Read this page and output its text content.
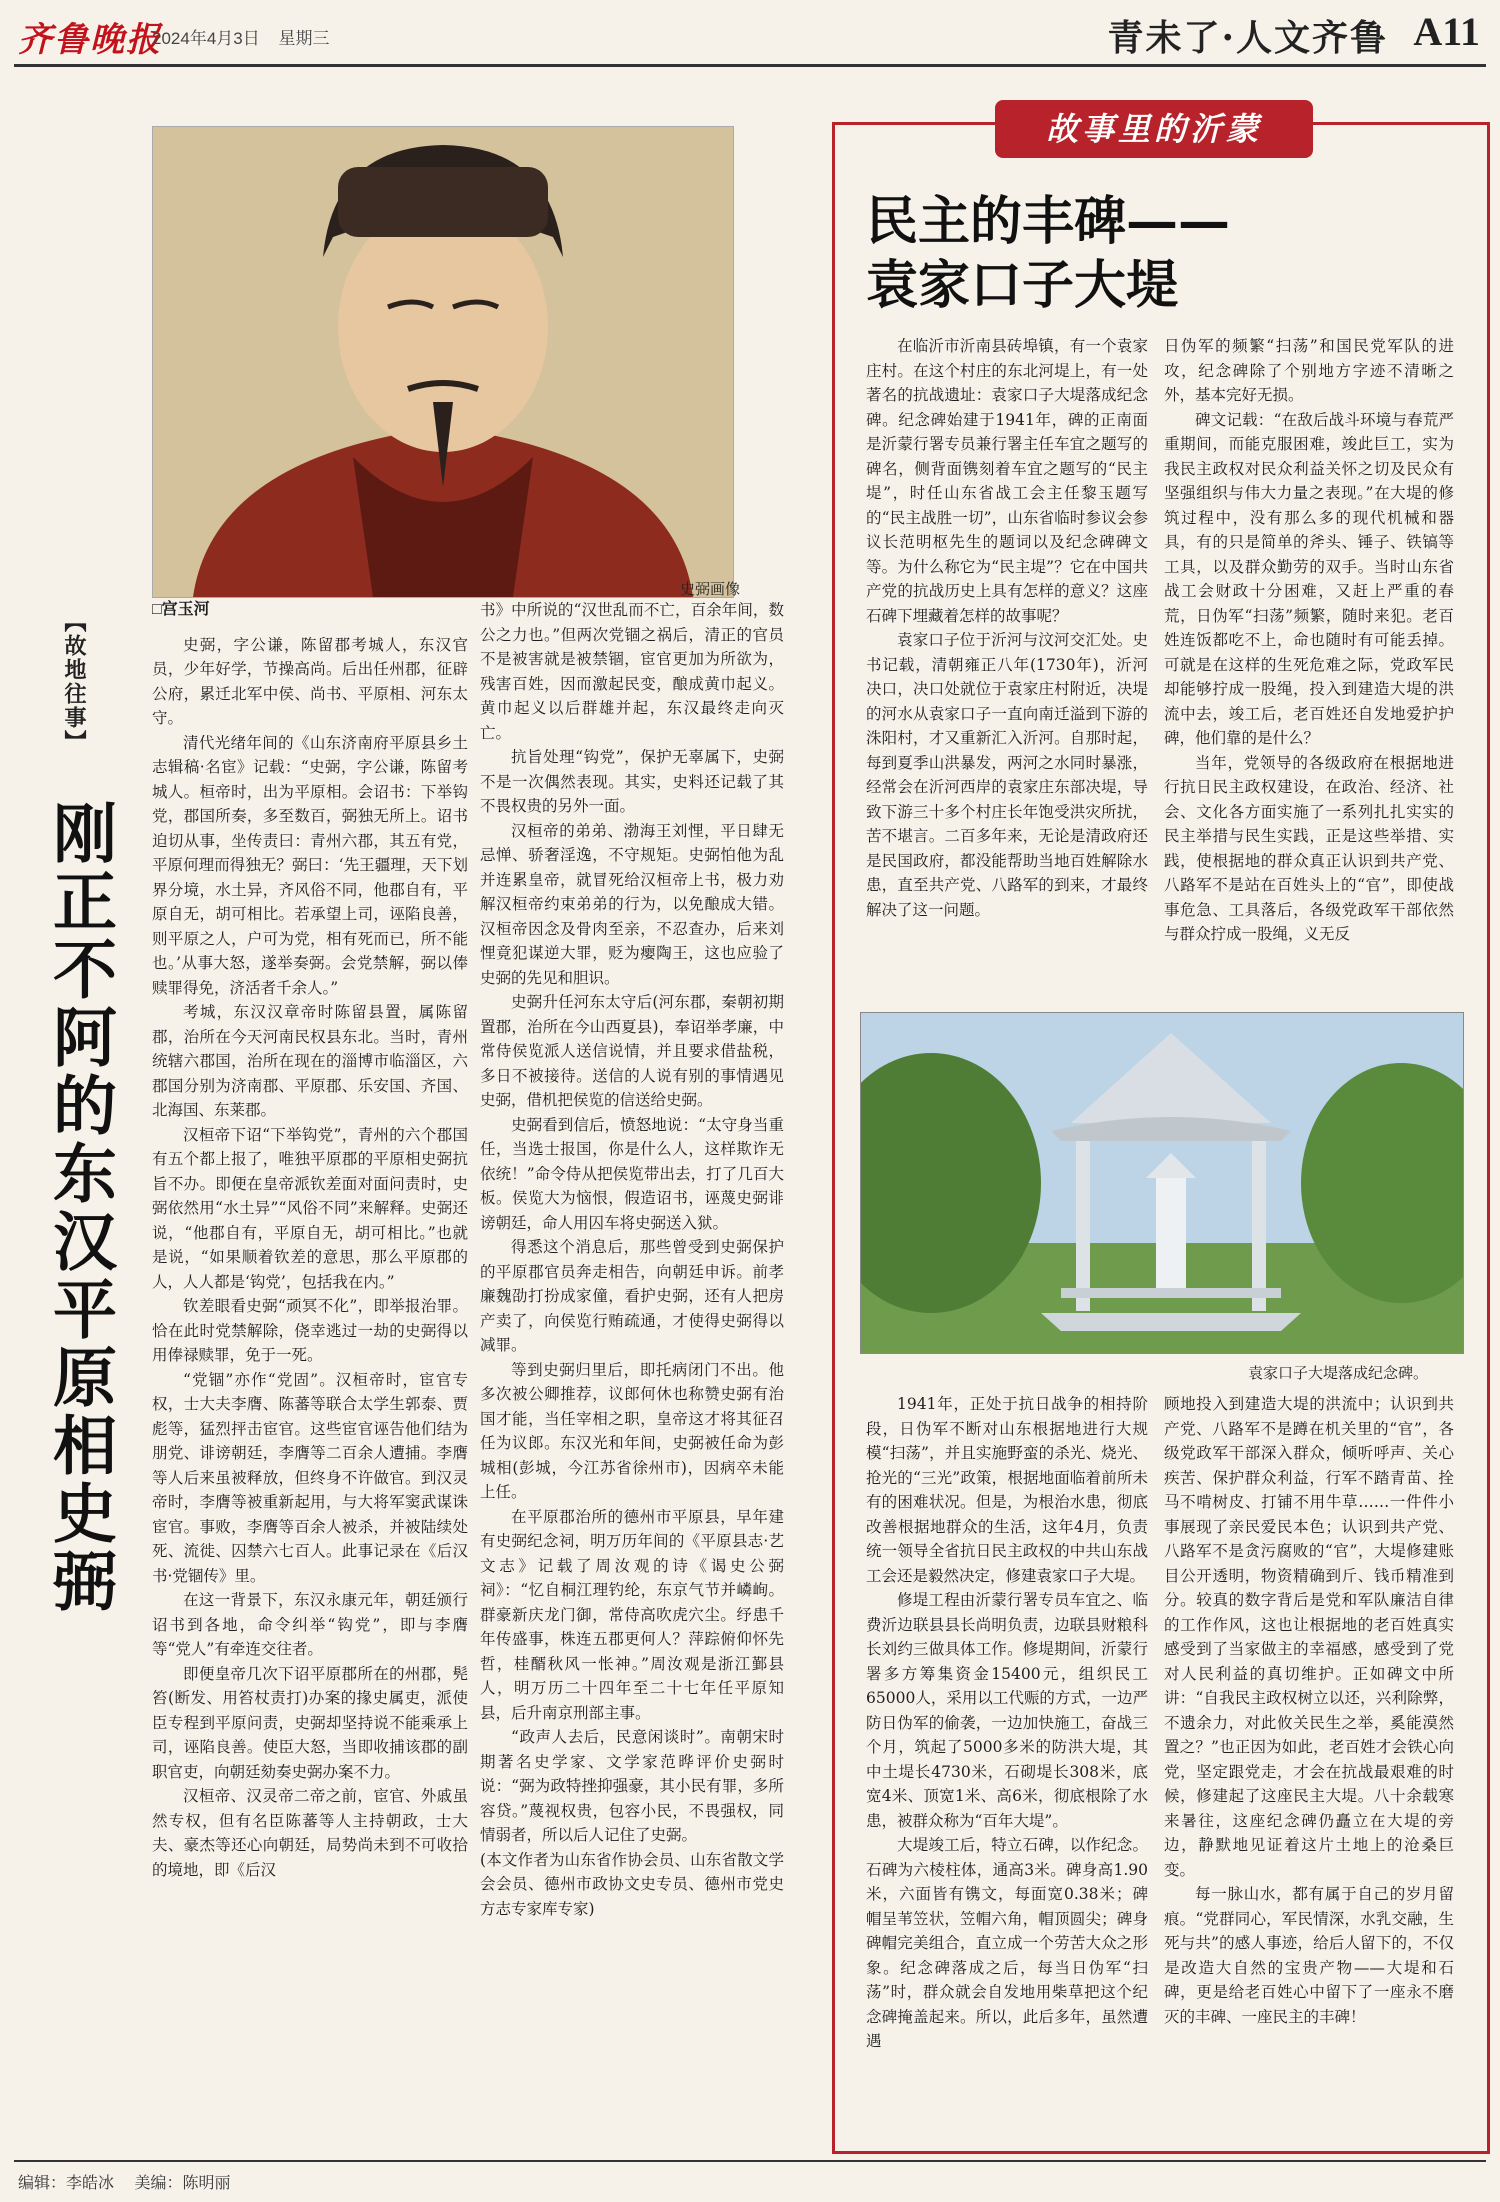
齐鲁晚报
2024年4月3日 星期三	青未了·人文齐鲁 A11
史弼画像
【故地往事】
刚正不阿的东汉平原相史弼
□宫玉河

史弼，字公谦，陈留郡考城人，东汉官员，少年好学，节操高尚。后出任州郡，征辟公府，累迁北军中侯、尚书、平原相、河东太守。

清代光绪年间的《山东济南府平原县乡土志辑稿·名宦》记载：“史弼，字公谦，陈留考城人。桓帝时，出为平原相。会诏书：下举钩党，郡国所奏，多至数百，弼独无所上。诏书迫切从事，坐传责曰：青州六郡，其五有党，平原何理而得独无？弼曰：‘先王疆理，天下划界分境，水土异，齐风俗不同，他郡自有，平原自无，胡可相比。若承望上司，诬陷良善，则平原之人，户可为党，相有死而已，所不能也。’从事大怒，遂举奏弼。会党禁解，弼以俸赎罪得免，济活者千余人。”

考城，东汉汉章帝时陈留县置，属陈留郡，治所在今天河南民权县东北。当时，青州统辖六郡国，治所在现在的淄博市临淄区，六郡国分别为济南郡、平原郡、乐安国、齐国、北海国、东莱郡。

汉桓帝下诏“下举钩党”，青州的六个郡国有五个都上报了，唯独平原郡的平原相史弼抗旨不办。即便在皇帝派钦差面对面问责时，史弼依然用“水土异”“风俗不同”来解释。史弼还说，“他郡自有，平原自无，胡可相比。”也就是说，“如果顺着钦差的意思，那么平原郡的人，人人都是‘钩党’，包括我在内。”

钦差眼看史弼“顽冥不化”，即举报治罪。恰在此时党禁解除，侥幸逃过一劫的史弼得以用俸禄赎罪，免于一死。

“党锢”亦作“党固”。汉桓帝时，宦官专权，士大夫李膺、陈蕃等联合太学生郭泰、贾彪等，猛烈抨击宦官。这些宦官诬告他们结为朋党、诽谤朝廷，李膺等二百余人遭捕。李膺等人后来虽被释放，但终身不许做官。到汉灵帝时，李膺等被重新起用，与大将军窦武谋诛宦官。事败，李膺等百余人被杀，并被陆续处死、流徙、囚禁六七百人。此事记录在《后汉书·党锢传》里。

在这一背景下，东汉永康元年，朝廷颁行诏书到各地，命令纠举“钩党”，即与李膺等“党人”有牵连交往者。

即便皇帝几次下诏平原郡所在的州郡，髡笞(断发、用笞杖责打)办案的掾史属吏，派使臣专程到平原问责，史弼却坚持说不能乘承上司，诬陷良善。使臣大怒，当即收捕该郡的副职官吏，向朝廷劾奏史弼办案不力。

汉桓帝、汉灵帝二帝之前，宦官、外戚虽然专权，但有名臣陈蕃等人主持朝政，士大夫、豪杰等还心向朝廷，局势尚未到不可收拾的境地，即《后汉

书》中所说的“汉世乱而不亡，百余年间，数公之力也。”但两次党锢之祸后，清正的官员不是被害就是被禁锢，宦官更加为所欲为，残害百姓，因而激起民变，酿成黄巾起义。黄巾起义以后群雄并起，东汉最终走向灭亡。

抗旨处理“钩党”，保护无辜属下，史弼不是一次偶然表现。其实，史料还记载了其不畏权贵的另外一面。

汉桓帝的弟弟、渤海王刘悝，平日肆无忌惮、骄奢淫逸，不守规矩。史弼怕他为乱并连累皇帝，就冒死给汉桓帝上书，极力劝解汉桓帝约束弟弟的行为，以免酿成大错。汉桓帝因念及骨肉至亲，不忍查办，后来刘悝竟犯谋逆大罪，贬为瘿陶王，这也应验了史弼的先见和胆识。

史弼升任河东太守后(河东郡，秦朝初期置郡，治所在今山西夏县)，奉诏举孝廉，中常侍侯览派人送信说情，并且要求借盐税，多日不被接待。送信的人说有别的事情遇见史弼，借机把侯览的信送给史弼。

史弼看到信后，愤怒地说：“太守身当重任，当选士报国，你是什么人，这样欺诈无依统！”命令侍从把侯览带出去，打了几百大板。侯览大为恼恨，假造诏书，诬蔑史弼诽谤朝廷，命人用囚车将史弼送入狱。

得悉这个消息后，那些曾受到史弼保护的平原郡官员奔走相告，向朝廷申诉。前孝廉魏劭打扮成家僮，看护史弼，还有人把房产卖了，向侯览行贿疏通，才使得史弼得以减罪。

等到史弼归里后，即托病闭门不出。他多次被公卿推荐，议郎何休也称赞史弼有治国才能，当任宰相之职，皇帝这才将其征召任为议郎。东汉光和年间，史弼被任命为彭城相(彭城，今江苏省徐州市)，因病卒未能上任。

在平原郡治所的德州市平原县，早年建有史弼纪念祠，明万历年间的《平原县志·艺文志》记载了周汝观的诗《谒史公弼祠》：“忆自桐江理钓纶，东京气节并嶙峋。群豪新庆龙门御，常侍高吹虎穴尘。纾患千年传盛事，株连五郡更何人？萍踪俯仰怀先哲，桂醑秋风一怅神。”周汝观是浙江鄞县人，明万历二十四年至二十七年任平原知县，后升南京刑部主事。

“政声人去后，民意闲谈时”。南朝宋时期著名史学家、文学家范晔评价史弼时说：“弼为政特挫抑强豪，其小民有罪，多所容贷。”蔑视权贵，包容小民，不畏强权，同情弱者，所以后人记住了史弼。

(本文作者为山东省作协会员、山东省散文学会会员、德州市政协文史专员、德州市党史方志专家库专家)

故事里的沂蒙
民主的丰碑——
袁家口子大堤

在临沂市沂南县砖埠镇，有一个袁家庄村。在这个村庄的东北河堤上，有一处著名的抗战遗址：袁家口子大堤落成纪念碑。纪念碑始建于1941年，碑的正南面是沂蒙行署专员兼行署主任车宜之题写的碑名，侧背面镌刻着车宜之题写的“民主堤”，时任山东省战工会主任黎玉题写的“民主战胜一切”，山东省临时参议会参议长范明枢先生的题词以及纪念碑碑文等。为什么称它为“民主堤”？它在中国共产党的抗战历史上具有怎样的意义？这座石碑下埋藏着怎样的故事呢？

袁家口子位于沂河与汶河交汇处。史书记载，清朝雍正八年(1730年)，沂河决口，决口处就位于袁家庄村附近，决堤的河水从袁家口子一直向南迁溢到下游的洙阳村，才又重新汇入沂河。自那时起，每到夏季山洪暴发，两河之水同时暴涨，经常会在沂河西岸的袁家庄东部决堤，导致下游三十多个村庄长年饱受洪灾所扰，苦不堪言。二百多年来，无论是清政府还是民国政府，都没能帮助当地百姓解除水患，直至共产党、八路军的到来，才最终解决了这一问题。

日伪军的频繁“扫荡”和国民党军队的进攻，纪念碑除了个别地方字迹不清晰之外，基本完好无损。

碑文记载：“在敌后战斗环境与春荒严重期间，而能克服困难，竣此巨工，实为我民主政权对民众利益关怀之切及民众有坚强组织与伟大力量之表现。”在大堤的修筑过程中，没有那么多的现代机械和器具，有的只是简单的斧头、锤子、铁镐等工具，以及群众勤劳的双手。当时山东省战工会财政十分困难，又赶上严重的春荒，日伪军“扫荡”频繁，随时来犯。老百姓连饭都吃不上，命也随时有可能丢掉。可就是在这样的生死危难之际，党政军民却能够拧成一股绳，投入到建造大堤的洪流中去，竣工后，老百姓还自发地爱护护碑，他们靠的是什么？

当年，党领导的各级政府在根据地进行抗日民主政权建设，在政治、经济、社会、文化各方面实施了一系列扎扎实实的民主举措与民生实践，正是这些举措、实践，使根据地的群众真正认识到共产党、八路军不是站在百姓头上的“官”，即使战事危急、工具落后，各级党政军干部依然与群众拧成一股绳，义无反

袁家口子大堤落成纪念碑。

1941年，正处于抗日战争的相持阶段，日伪军不断对山东根据地进行大规模“扫荡”，并且实施野蛮的杀光、烧光、抢光的“三光”政策，根据地面临着前所未有的困难状况。但是，为根治水患，彻底改善根据地群众的生活，这年4月，负责统一领导全省抗日民主政权的中共山东战工会还是毅然决定，修建袁家口子大堤。

修堤工程由沂蒙行署专员车宜之、临费沂边联县县长尚明负责，边联县财粮科长刘约三做具体工作。修堤期间，沂蒙行署多方筹集资金15400元，组织民工65000人，采用以工代赈的方式，一边严防日伪军的偷袭，一边加快施工，奋战三个月，筑起了5000多米的防洪大堤，其中土堤长4730米，石砌堤长308米，底宽4米、顶宽1米、高6米，彻底根除了水患，被群众称为“百年大堤”。

大堤竣工后，特立石碑，以作纪念。石碑为六棱柱体，通高3米。碑身高1.90米，六面皆有镌文，每面宽0.38米；碑帽呈苇笠状，笠帽六角，帽顶圆尖；碑身碑帽完美组合，直立成一个劳苦大众之形象。纪念碑落成之后，每当日伪军“扫荡”时，群众就会自发地用柴草把这个纪念碑掩盖起来。所以，此后多年，虽然遭遇

顾地投入到建造大堤的洪流中；认识到共产党、八路军不是蹲在机关里的“官”，各级党政军干部深入群众，倾听呼声、关心疾苦、保护群众利益，行军不踏青苗、拴马不啃树皮、打铺不用牛草……一件件小事展现了亲民爱民本色；认识到共产党、八路军不是贪污腐败的“官”，大堤修建账目公开透明，物资精确到斤、钱币精准到分。较真的数字背后是党和军队廉洁自律的工作作风，这也让根据地的老百姓真实感受到了当家做主的幸福感，感受到了党对人民利益的真切维护。正如碑文中所讲：“自我民主政权树立以还，兴利除弊，不遗余力，对此攸关民生之举，奚能漠然置之？”也正因为如此，老百姓才会铁心向党，坚定跟党走，才会在抗战最艰难的时候，修建起了这座民主大堤。八十余载寒来暑往，这座纪念碑仍矗立在大堤的旁边，静默地见证着这片土地上的沧桑巨变。

每一脉山水，都有属于自己的岁月留痕。“党群同心，军民情深，水乳交融，生死与共”的感人事迹，给后人留下的，不仅是改造大自然的宝贵产物——大堤和石碑，更是给老百姓心中留下了一座永不磨灭的丰碑、一座民主的丰碑！

编辑：李皓冰 美编：陈明丽
